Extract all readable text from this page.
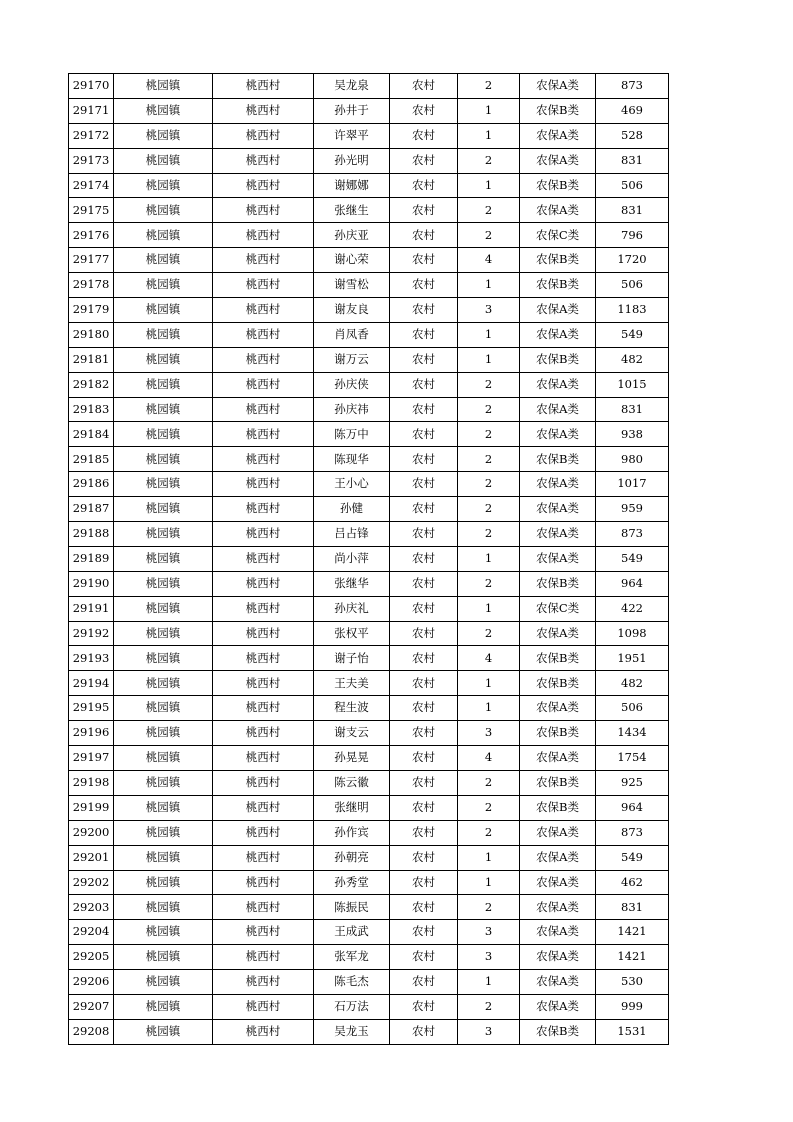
29170	桃园镇	桃西村	吴龙泉	农村	2	农保A类	873
29171	桃园镇	桃西村	孙井于	农村	1	农保B类	469
29172	桃园镇	桃西村	许翠平	农村	1	农保A类	528
29173	桃园镇	桃西村	孙光明	农村	2	农保A类	831
29174	桃园镇	桃西村	谢娜娜	农村	1	农保B类	506
29175	桃园镇	桃西村	张继生	农村	2	农保A类	831
29176	桃园镇	桃西村	孙庆亚	农村	2	农保C类	796
29177	桃园镇	桃西村	谢心荣	农村	4	农保B类	1720
29178	桃园镇	桃西村	谢雪松	农村	1	农保B类	506
29179	桃园镇	桃西村	谢友良	农村	3	农保A类	1183
29180	桃园镇	桃西村	肖凤香	农村	1	农保A类	549
29181	桃园镇	桃西村	谢万云	农村	1	农保B类	482
29182	桃园镇	桃西村	孙庆侠	农村	2	农保A类	1015
29183	桃园镇	桃西村	孙庆祎	农村	2	农保A类	831
29184	桃园镇	桃西村	陈万中	农村	2	农保A类	938
29185	桃园镇	桃西村	陈现华	农村	2	农保B类	980
29186	桃园镇	桃西村	王小心	农村	2	农保A类	1017
29187	桃园镇	桃西村	孙健	农村	2	农保A类	959
29188	桃园镇	桃西村	吕占锋	农村	2	农保A类	873
29189	桃园镇	桃西村	尚小萍	农村	1	农保A类	549
29190	桃园镇	桃西村	张继华	农村	2	农保B类	964
29191	桃园镇	桃西村	孙庆礼	农村	1	农保C类	422
29192	桃园镇	桃西村	张权平	农村	2	农保A类	1098
29193	桃园镇	桃西村	谢子怡	农村	4	农保B类	1951
29194	桃园镇	桃西村	王夫美	农村	1	农保B类	482
29195	桃园镇	桃西村	程生波	农村	1	农保A类	506
29196	桃园镇	桃西村	谢支云	农村	3	农保B类	1434
29197	桃园镇	桃西村	孙晃晃	农村	4	农保A类	1754
29198	桃园镇	桃西村	陈云徽	农村	2	农保B类	925
29199	桃园镇	桃西村	张继明	农村	2	农保B类	964
29200	桃园镇	桃西村	孙作宾	农村	2	农保A类	873
29201	桃园镇	桃西村	孙朝亮	农村	1	农保A类	549
29202	桃园镇	桃西村	孙秀堂	农村	1	农保A类	462
29203	桃园镇	桃西村	陈振民	农村	2	农保A类	831
29204	桃园镇	桃西村	王成武	农村	3	农保A类	1421
29205	桃园镇	桃西村	张军龙	农村	3	农保A类	1421
29206	桃园镇	桃西村	陈毛杰	农村	1	农保A类	530
29207	桃园镇	桃西村	石万法	农村	2	农保A类	999
29208	桃园镇	桃西村	吴龙玉	农村	3	农保B类	1531
